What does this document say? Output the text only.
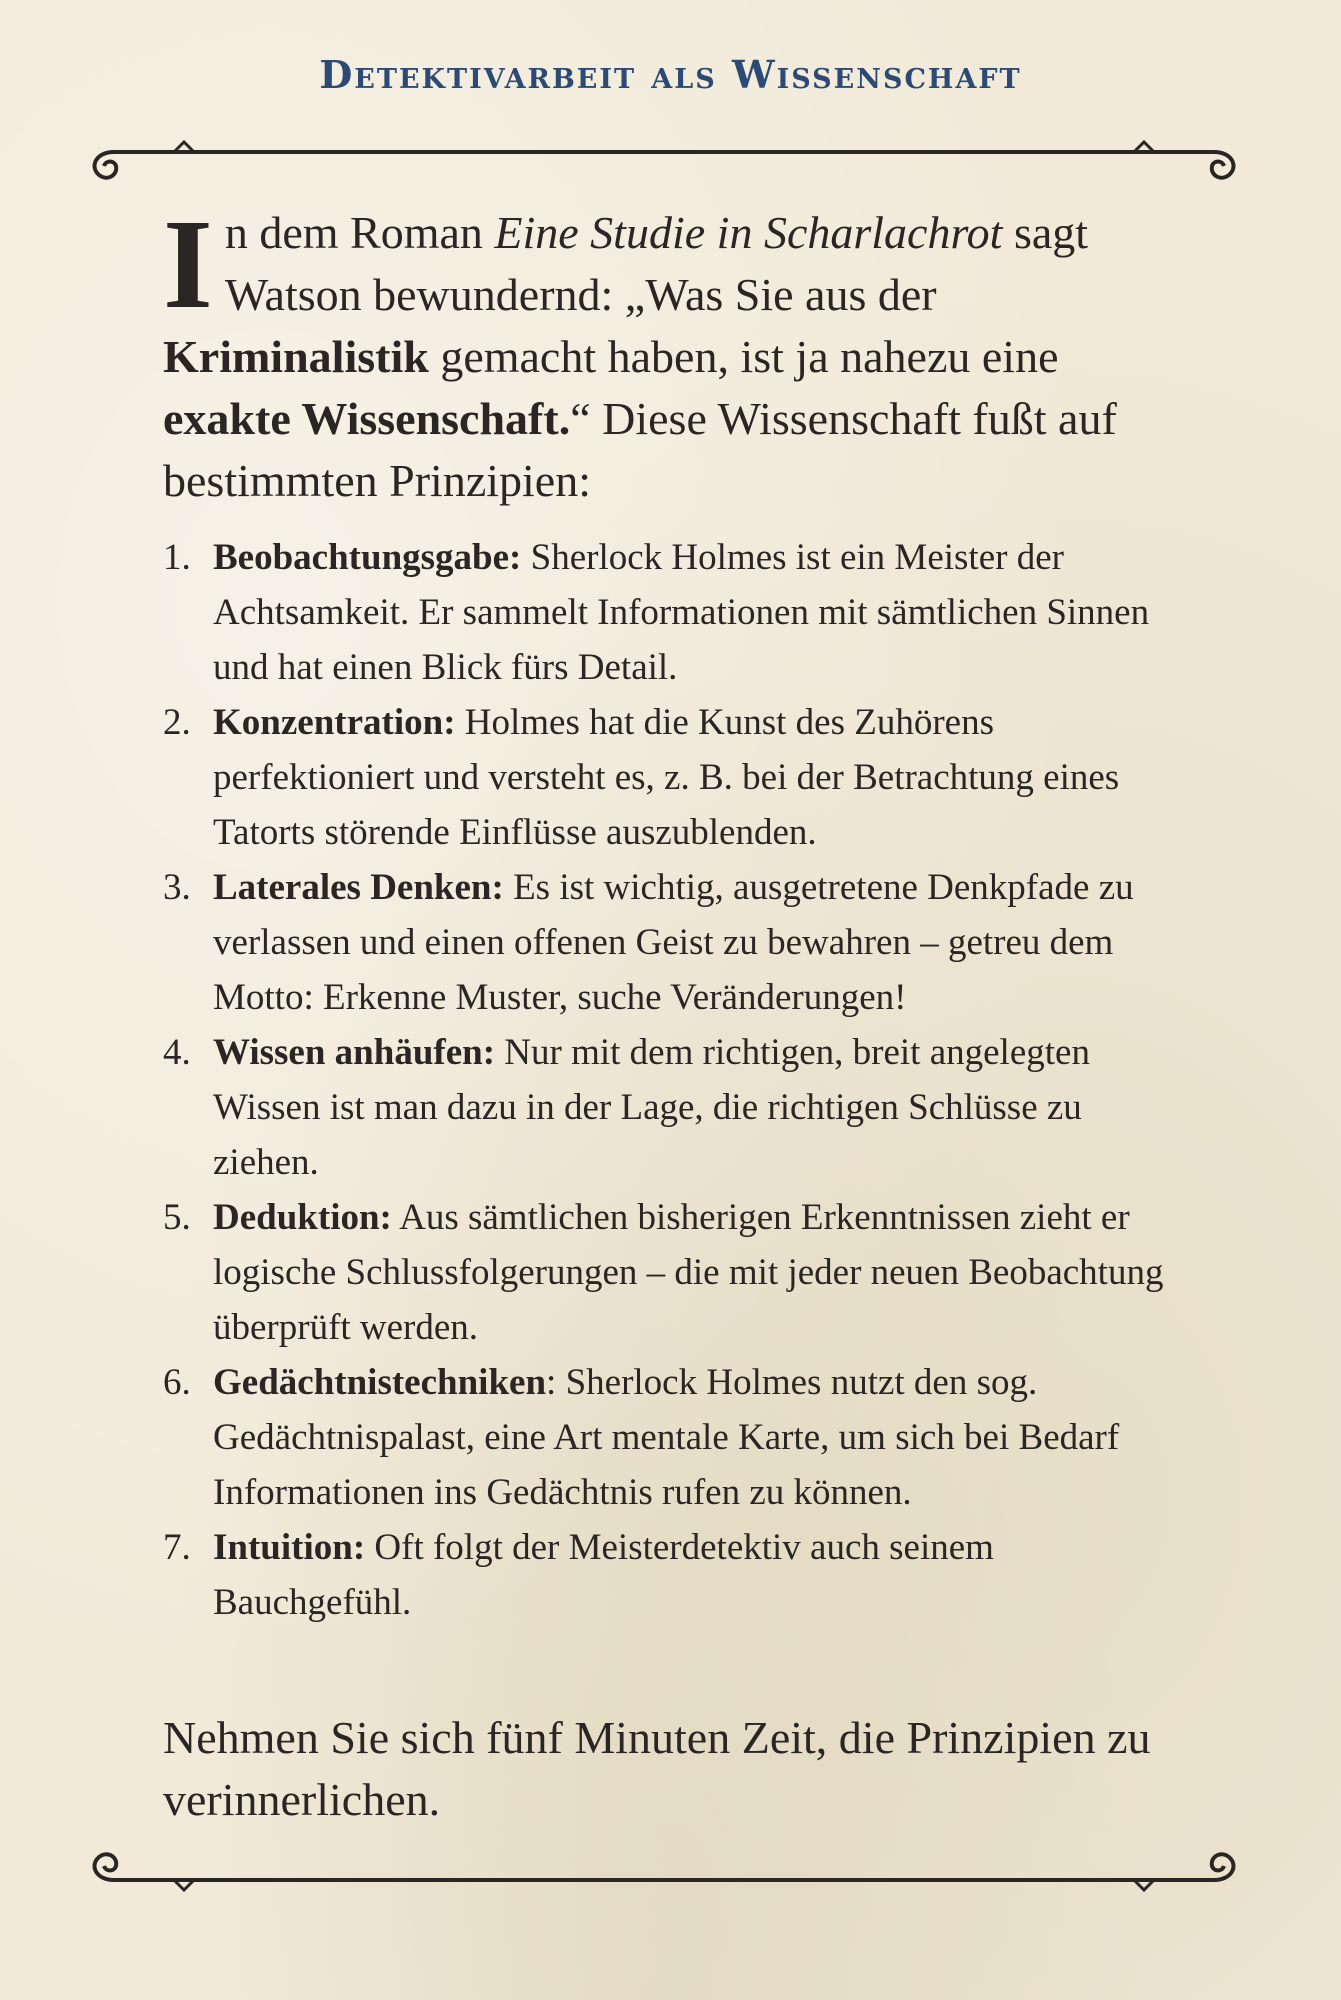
Detektivarbeit als Wissenschaft
In dem Roman Eine Studie in Scharlachrot sagt Watson bewundernd: „Was Sie aus der Kriminalistik gemacht haben, ist ja nahezu eine exakte Wissenschaft.“ Diese Wissenschaft fußt auf bestimmten Prinzipien:
1. Beobachtungsgabe: Sherlock Holmes ist ein Meister der Achtsamkeit. Er sammelt Informationen mit sämtlichen Sinnen und hat einen Blick fürs Detail.
2. Konzentration: Holmes hat die Kunst des Zuhörens perfektioniert und versteht es, z. B. bei der Betrachtung eines Tatorts störende Einflüsse auszublenden.
3. Laterales Denken: Es ist wichtig, ausgetretene Denkpfade zu verlassen und einen offenen Geist zu bewahren – getreu dem Motto: Erkenne Muster, suche Veränderungen!
4. Wissen anhäufen: Nur mit dem richtigen, breit angelegten Wissen ist man dazu in der Lage, die richtigen Schlüsse zu ziehen.
5. Deduktion: Aus sämtlichen bisherigen Erkenntnissen zieht er logische Schlussfolgerungen – die mit jeder neuen Beobachtung überprüft werden.
6. Gedächtnistechniken: Sherlock Holmes nutzt den sog. Gedächtnispalast, eine Art mentale Karte, um sich bei Bedarf Informationen ins Gedächtnis rufen zu können.
7. Intuition: Oft folgt der Meisterdetektiv auch seinem Bauchgefühl.
Nehmen Sie sich fünf Minuten Zeit, die Prinzipien zu verinnerlichen.
